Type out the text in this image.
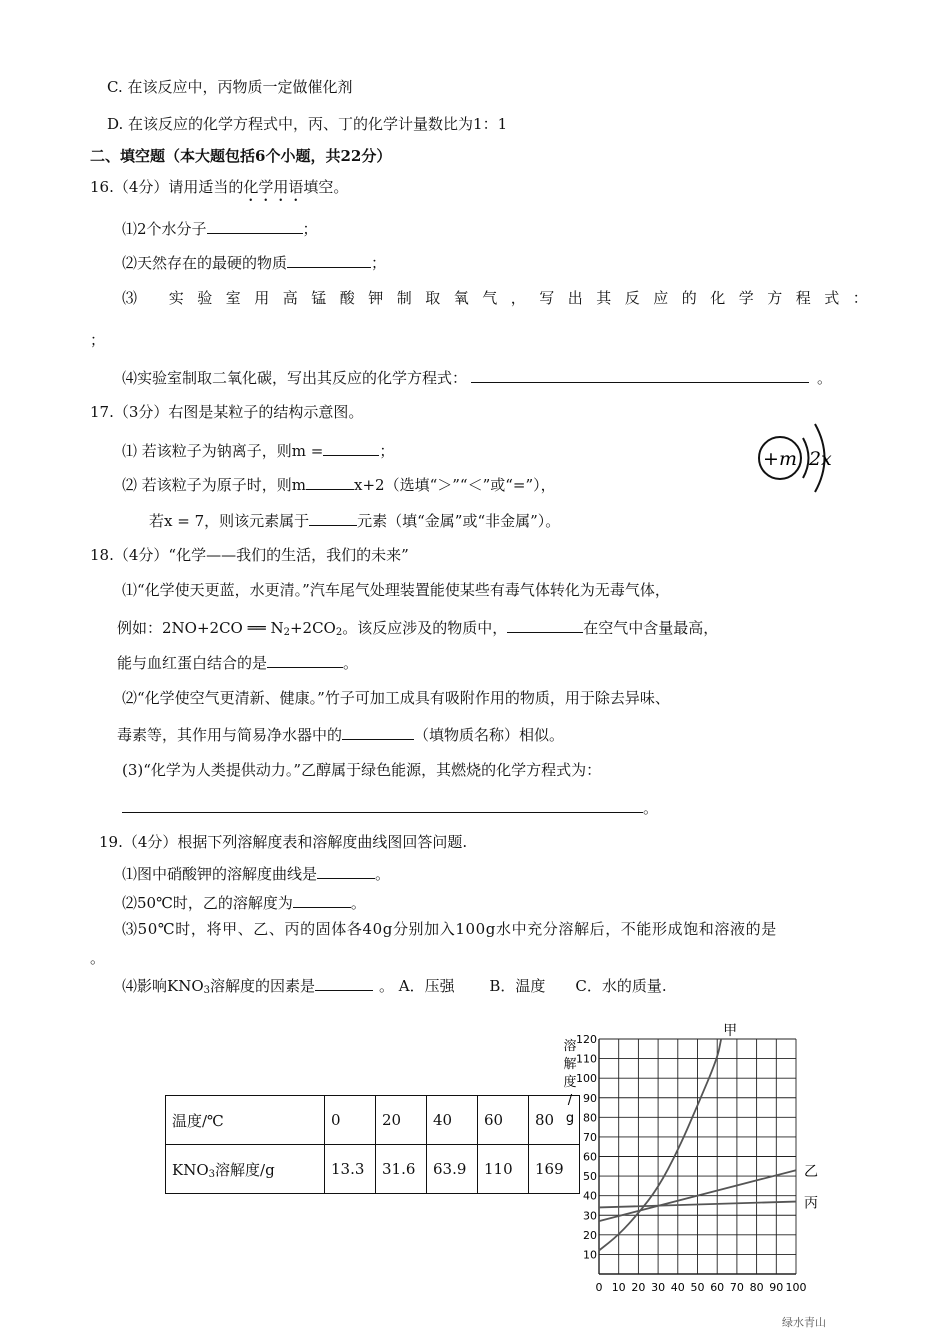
C. 在该反应中，丙物质一定做催化剂
D. 在该反应的化学方程式中，丙、丁的化学计量数比为1：1
二、填空题（本大题包括6个小题，共22分）
16.（4分）请用适当的化学用语填空。
⑴2个水分子	；
⑵天然存在的最硬的物质	；
⑶ 实验室用高锰酸钾制取氧气，写出其反应的化学方程式：
；
⑷实验室制取二氧化碳，写出其反应的化学方程式：	。
17.（3分）右图是某粒子的结构示意图。
⑴ 若该粒子为钠离子，则m =	；
⑵ 若该粒子为原子时，则m	x+2（选填“＞”“＜”或“=”），
若x = 7，则该元素属于	元素（填“金属”或“非金属”）。
+m 2 x
18.（4分）“化学——我们的生活，我们的未来”
⑴“化学使天更蓝，水更清。”汽车尾气处理装置能使某些有毒气体转化为无毒气体，
例如：2NO+2CO ══ $N_2+2CO_2$。该反应涉及的物质中，	在空气中含量最高，
能与血红蛋白结合的是	。
⑵“化学使空气更清新、健康。”竹子可加工成具有吸附作用的物质，用于除去异味、
毒素等，其作用与简易净水器中的	（填物质名称）相似。
(3)“化学为人类提供动力。”乙醇属于绿色能源，其燃烧的化学方程式为：
。
19.（4分）根据下列溶解度表和溶解度曲线图回答问题.
⑴图中硝酸钾的溶解度曲线是	。
⑵50℃时，乙的溶解度为	。
⑶50℃时，将甲、乙、丙的固体各40g分别加入100g水中充分溶解后，不能形成饱和溶液的是
。
⑷影响$KNO_3$溶解度的因素是	。 A．压强　　 B．温度　　C．水的质量.
温度/℃	0	20	40	60	80
$KNO_3$溶解度/g	13.3	31.6	63.9	110	169
0 10 20 30 40 50 60 70 80 90 100
10
20
30
40
50
60
70
80
90
100
110
120
溶
解
度
/
g
甲
乙
丙
绿水青山
